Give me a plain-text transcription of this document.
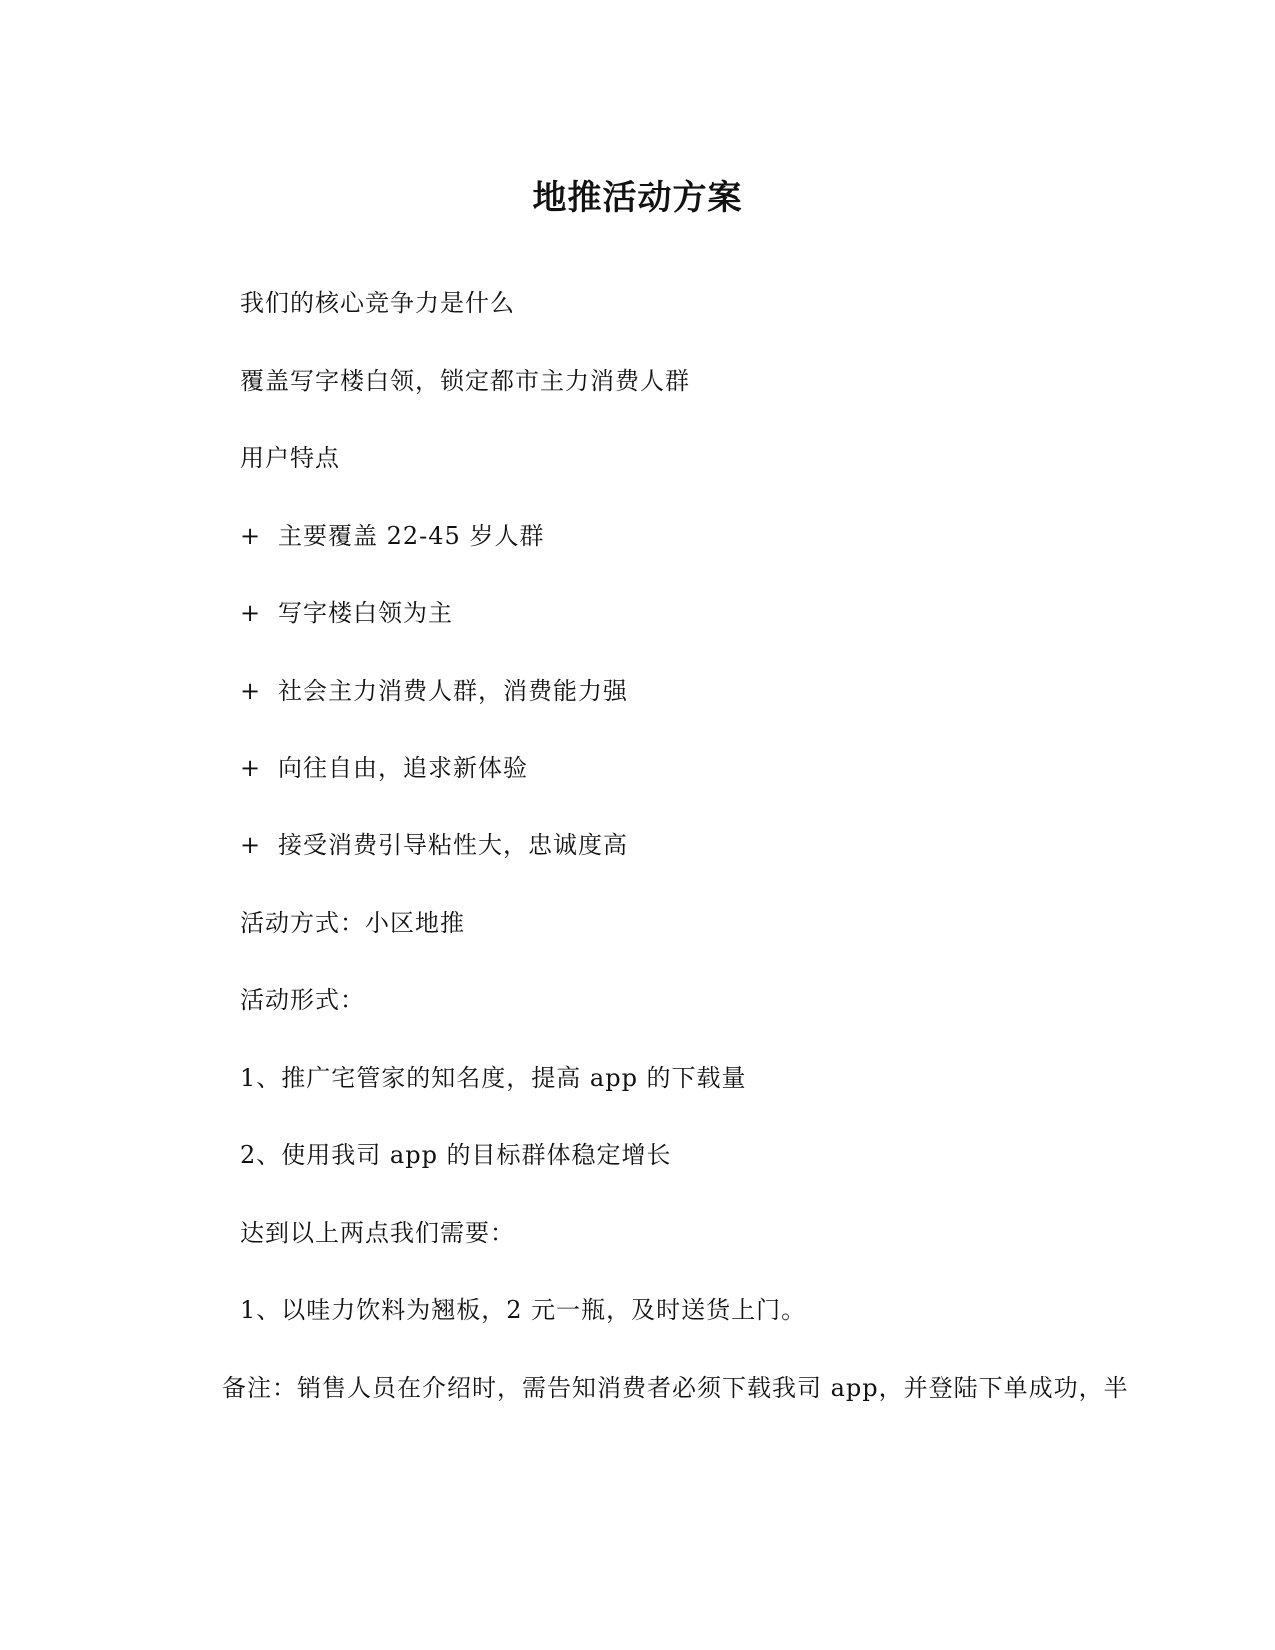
地推活动方案
我们的核心竞争力是什么
覆盖写字楼白领，锁定都市主力消费人群
用户特点
+ 主要覆盖 22-45 岁人群
+ 写字楼白领为主
+ 社会主力消费人群，消费能力强
+ 向往自由，追求新体验
+ 接受消费引导粘性大，忠诚度高
活动方式：小区地推
活动形式：
1、推广宅管家的知名度，提高 app 的下载量
2、使用我司 app 的目标群体稳定增长
达到以上两点我们需要：
1、以哇力饮料为翘板，2 元一瓶，及时送货上门。
备注：销售人员在介绍时，需告知消费者必须下载我司 app，并登陆下单成功，半
